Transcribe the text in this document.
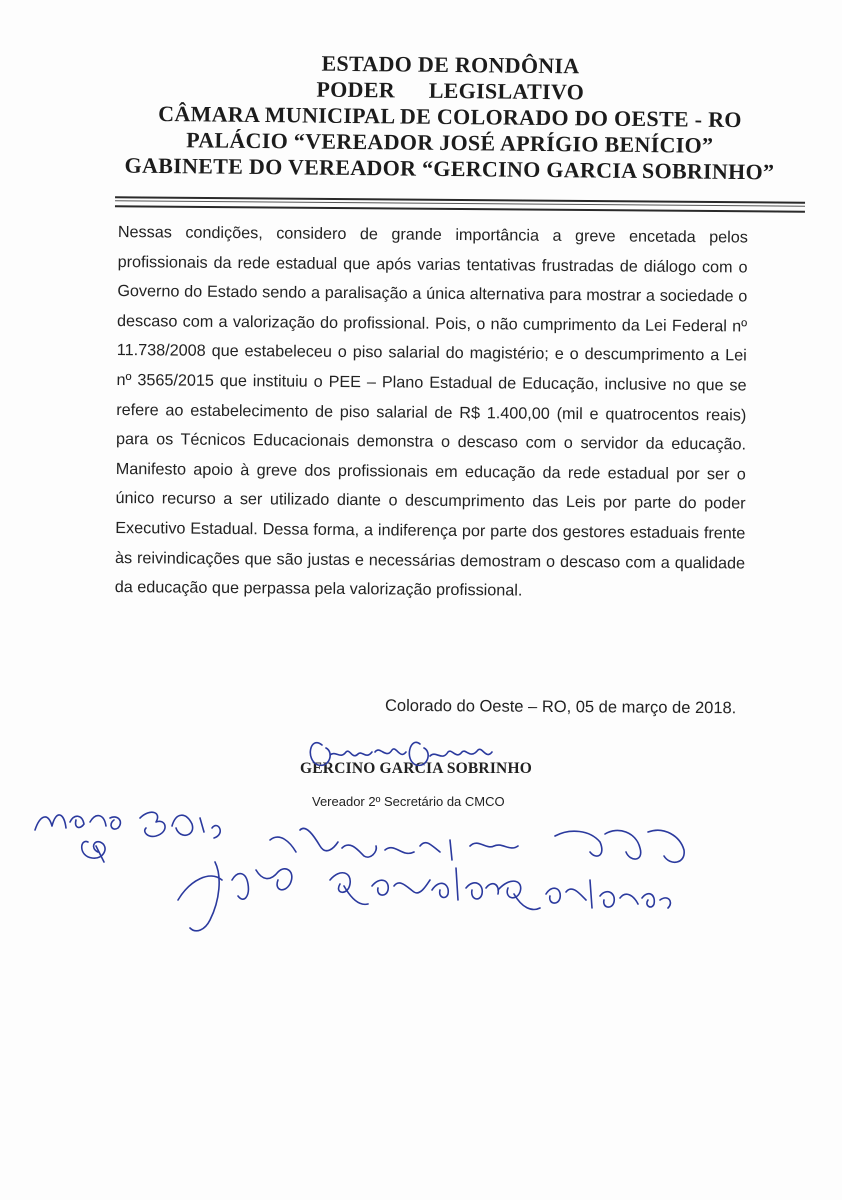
ESTADO DE RONDÔNIA
PODER LEGISLATIVO
CÂMARA MUNICIPAL DE COLORADO DO OESTE - RO
PALÁCIO “VEREADOR JOSÉ APRÍGIO BENÍCIO”
GABINETE DO VEREADOR “GERCINO GARCIA SOBRINHO”
Nessas condições, considero de grande importância a greve encetada pelos profissionais da rede estadual que após varias tentativas frustradas de diálogo com o Governo do Estado sendo a paralisação a única alternativa para mostrar a sociedade o descaso com a valorização do profissional. Pois, o não cumprimento da Lei Federal nº 11.738/2008 que estabeleceu o piso salarial do magistério; e o descumprimento a Lei nº 3565/2015 que instituiu o PEE – Plano Estadual de Educação, inclusive no que se refere ao estabelecimento de piso salarial de R$ 1.400,00 (mil e quatrocentos reais) para os Técnicos Educacionais demonstra o descaso com o servidor da educação. Manifesto apoio à greve dos profissionais em educação da rede estadual por ser o único recurso a ser utilizado diante o descumprimento das Leis por parte do poder Executivo Estadual. Dessa forma, a indiferença por parte dos gestores estaduais frente às reivindicações que são justas e necessárias demostram o descaso com a qualidade da educação que perpassa pela valorização profissional.
Colorado do Oeste – RO, 05 de março de 2018.
GERCINO GARCIA SOBRINHO
Vereador 2º Secretário da CMCO
